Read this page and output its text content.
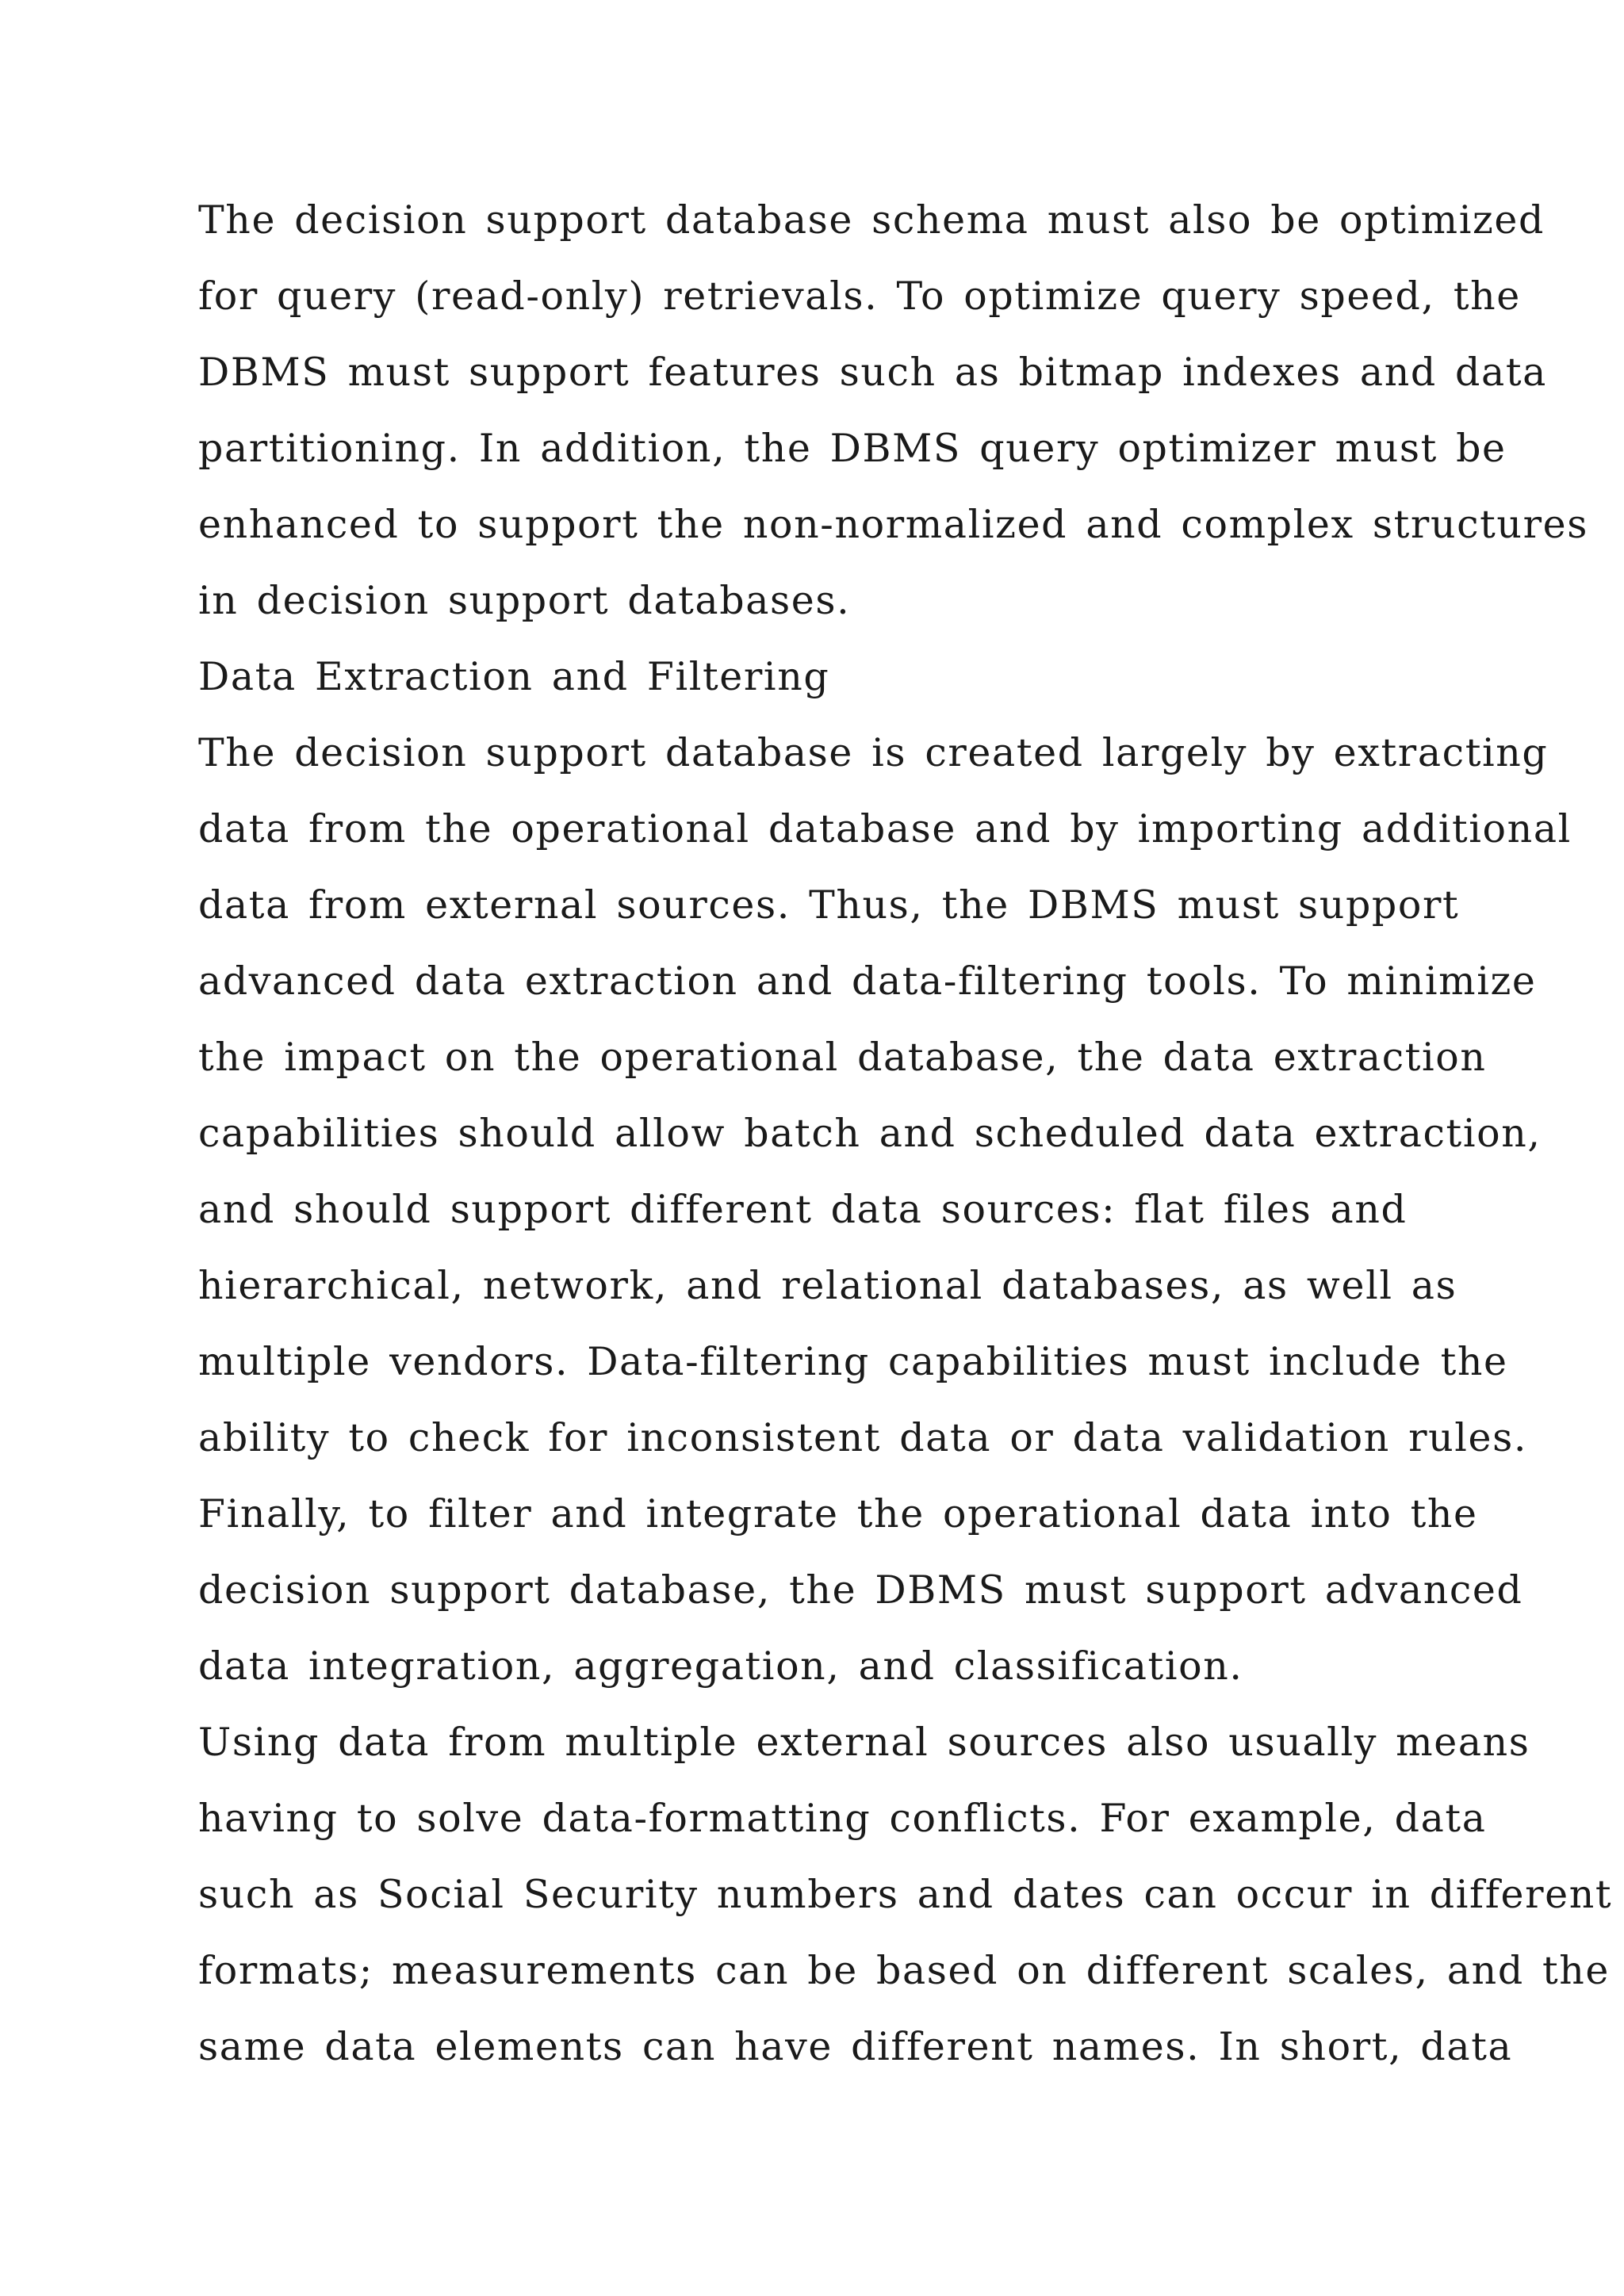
The decision support database schema must also be optimized
for query (read-only) retrievals. To optimize query speed, the
DBMS must support features such as bitmap indexes and data
partitioning. In addition, the DBMS query optimizer must be
enhanced to support the non-normalized and complex structures
in decision support databases.
Data Extraction and Filtering
The decision support database is created largely by extracting
data from the operational database and by importing additional
data from external sources. Thus, the DBMS must support
advanced data extraction and data-filtering tools. To minimize
the impact on the operational database, the data extraction
capabilities should allow batch and scheduled data extraction,
and should support different data sources: flat files and
hierarchical, network, and relational databases, as well as
multiple vendors. Data-filtering capabilities must include the
ability to check for inconsistent data or data validation rules.
Finally, to filter and integrate the operational data into the
decision support database, the DBMS must support advanced
data integration, aggregation, and classification.
Using data from multiple external sources also usually means
having to solve data-formatting conflicts. For example, data
such as Social Security numbers and dates can occur in different
formats; measurements can be based on different scales, and the
same data elements can have different names. In short, data
